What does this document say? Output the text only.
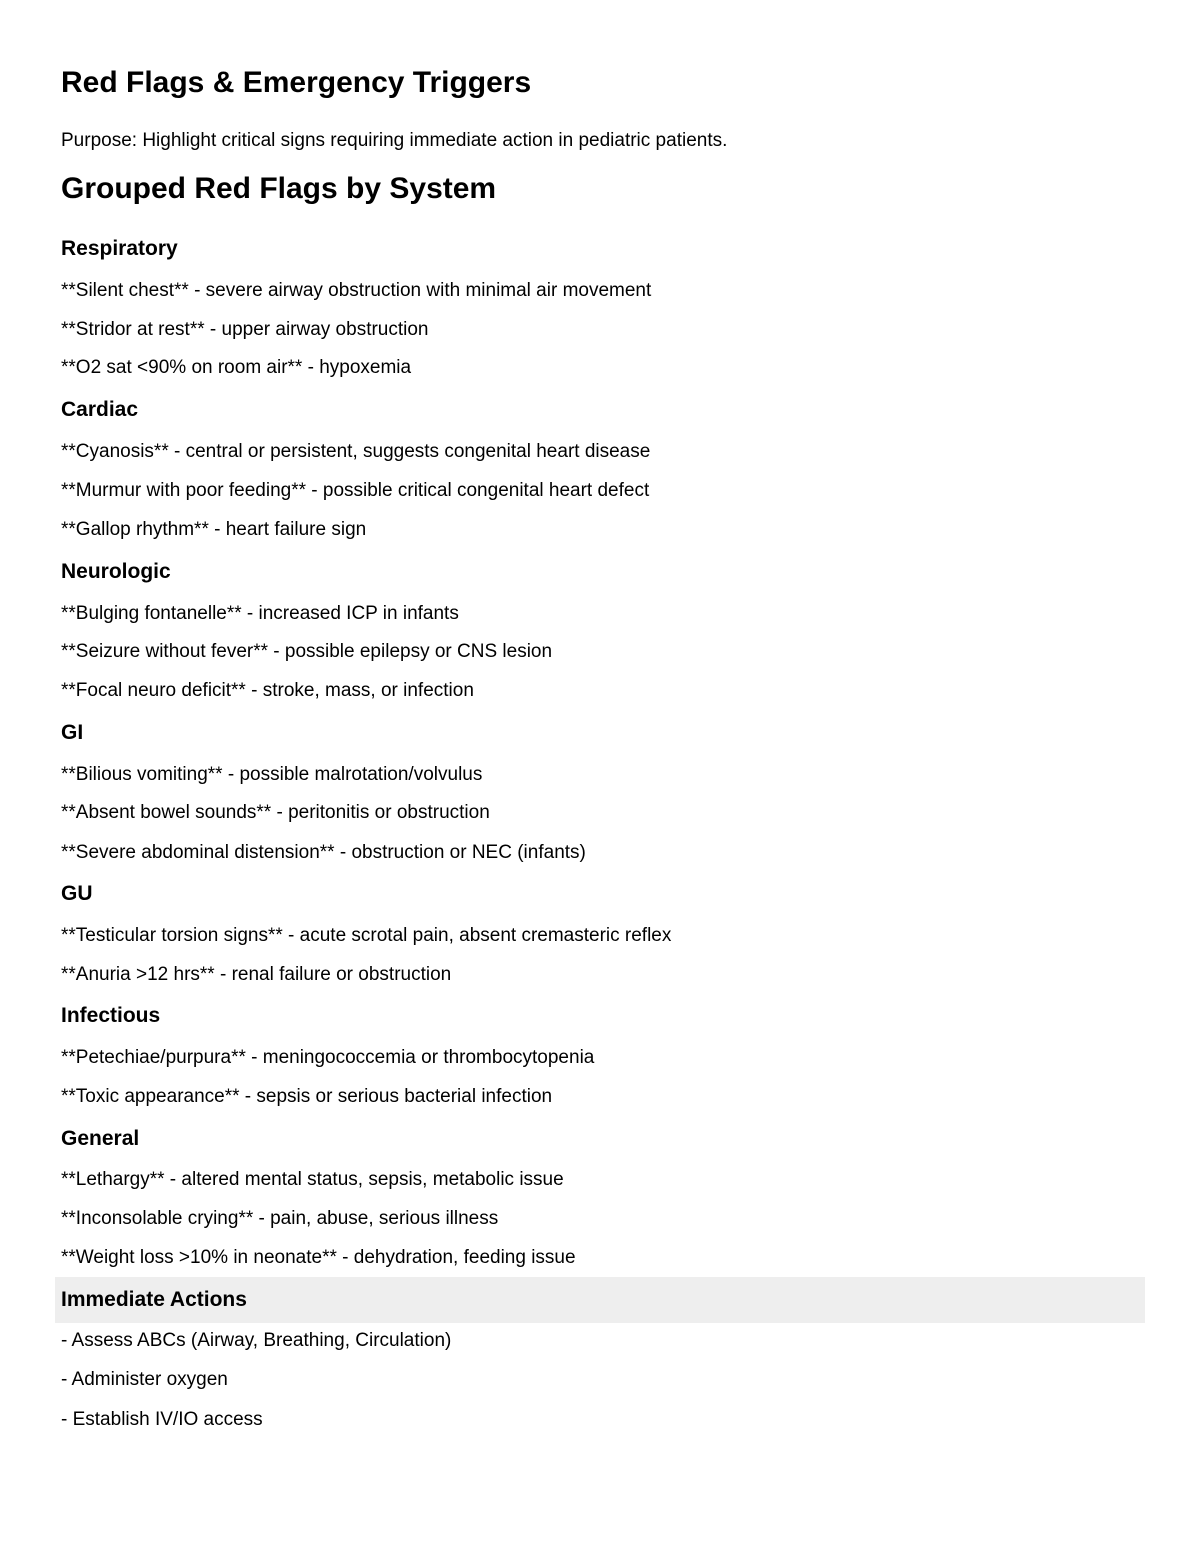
Red Flags & Emergency Triggers

Purpose: Highlight critical signs requiring immediate action in pediatric patients.

Grouped Red Flags by System
Respiratory

**Silent chest** - severe airway obstruction with minimal air movement

**Stridor at rest** - upper airway obstruction

**O2 sat <90% on room air** - hypoxemia

Cardiac

**Cyanosis** - central or persistent, suggests congenital heart disease

**Murmur with poor feeding** - possible critical congenital heart defect

**Gallop rhythm** - heart failure sign

Neurologic

**Bulging fontanelle** - increased ICP in infants

**Seizure without fever** - possible epilepsy or CNS lesion

**Focal neuro deficit** - stroke, mass, or infection

GI

**Bilious vomiting** - possible malrotation/volvulus

**Absent bowel sounds** - peritonitis or obstruction

**Severe abdominal distension** - obstruction or NEC (infants)

GU

**Testicular torsion signs** - acute scrotal pain, absent cremasteric reflex

**Anuria >12 hrs** - renal failure or obstruction

Infectious

**Petechiae/purpura** - meningococcemia or thrombocytopenia

**Toxic appearance** - sepsis or serious bacterial infection

General

**Lethargy** - altered mental status, sepsis, metabolic issue

**Inconsolable crying** - pain, abuse, serious illness

**Weight loss >10% in neonate** - dehydration, feeding issue

Immediate Actions

- Assess ABCs (Airway, Breathing, Circulation)

- Administer oxygen

- Establish IV/IO access
